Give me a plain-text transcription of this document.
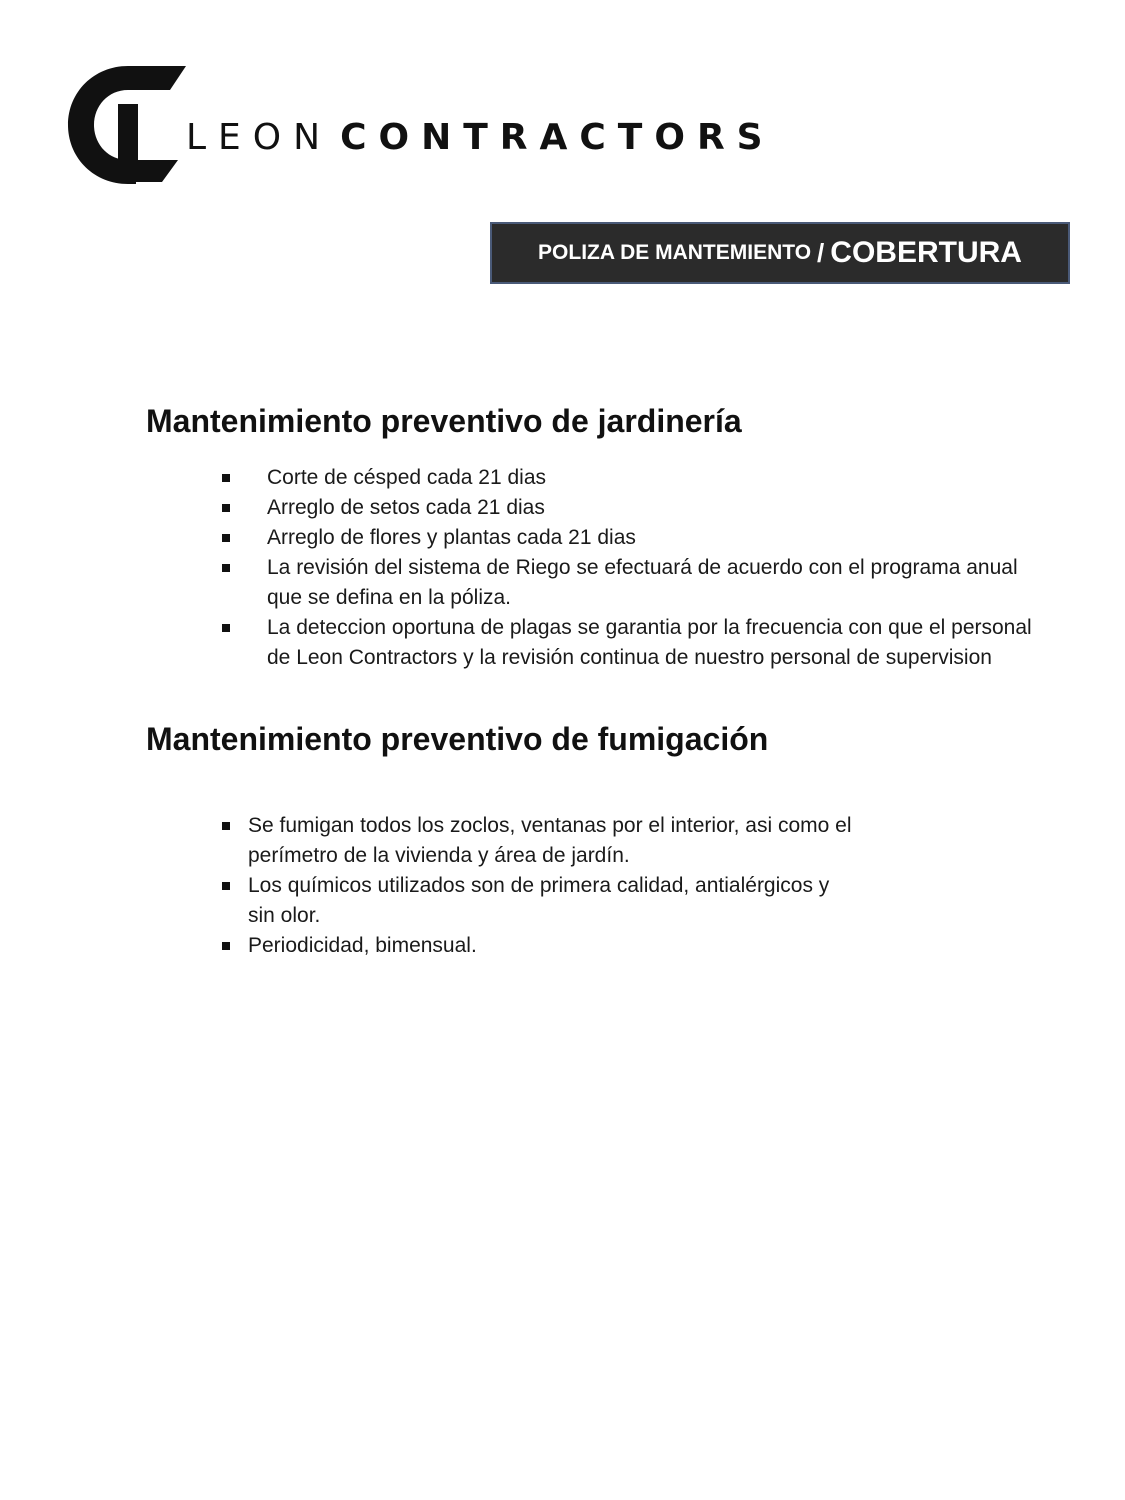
LEON CONTRACTORS
POLIZA DE MANTEMIENTO / COBERTURA
Mantenimiento preventivo de jardinería
Corte de césped cada 21 dias
Arreglo de setos cada 21 dias
Arreglo de flores y plantas cada 21 dias
La revisión del sistema de Riego se efectuará de acuerdo con el programa anual que se defina en la póliza.
La deteccion oportuna de plagas se garantia por la frecuencia con que el personal de Leon Contractors y la revisión continua de nuestro personal de supervision
Mantenimiento preventivo de fumigación
Se fumigan todos los zoclos, ventanas por el interior, asi como el perímetro de la vivienda y área de jardín.
Los químicos utilizados son de primera calidad, antialérgicos y sin olor.
Periodicidad, bimensual.
